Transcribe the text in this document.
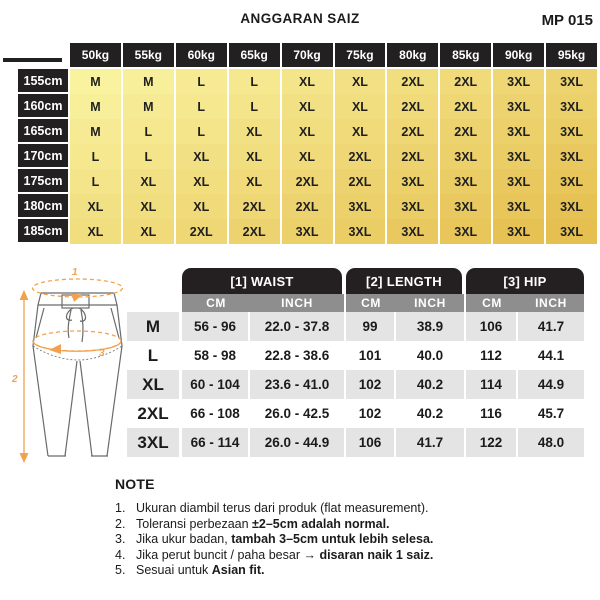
ANGGARAN SAIZ	MP 015
50kg	55kg	60kg	65kg	70kg	75kg	80kg	85kg	90kg	95kg
155cm	M	M	L	L	XL	XL	2XL	2XL	3XL	3XL
160cm	M	M	L	L	XL	XL	2XL	2XL	3XL	3XL
165cm	M	L	L	XL	XL	XL	2XL	2XL	3XL	3XL
170cm	L	L	XL	XL	XL	2XL	2XL	3XL	3XL	3XL
175cm	L	XL	XL	XL	2XL	2XL	3XL	3XL	3XL	3XL
180cm	XL	XL	XL	2XL	2XL	3XL	3XL	3XL	3XL	3XL
185cm	XL	XL	2XL	2XL	3XL	3XL	3XL	3XL	3XL	3XL
1
2
3
[1] WAIST	[2] LENGTH	[3] HIP
CM	INCH	CM	INCH	CM	INCH
M	56 - 96	22.0 - 37.8	99	38.9	106	41.7
L	58 - 98	22.8 - 38.6	101	40.0	112	44.1
XL	60 - 104	23.6 - 41.0	102	40.2	114	44.9
2XL	66 - 108	26.0 - 42.5	102	40.2	116	45.7
3XL	66 - 114	26.0 - 44.9	106	41.7	122	48.0
NOTE
1. Ukuran diambil terus dari produk (flat measurement).
2. Toleransi perbezaan ±2–5cm adalah normal.
3. Jika ukur badan, tambah 3–5cm untuk lebih selesa.
4. Jika perut buncit / paha besar → disaran naik 1 saiz.
5. Sesuai untuk Asian fit.
